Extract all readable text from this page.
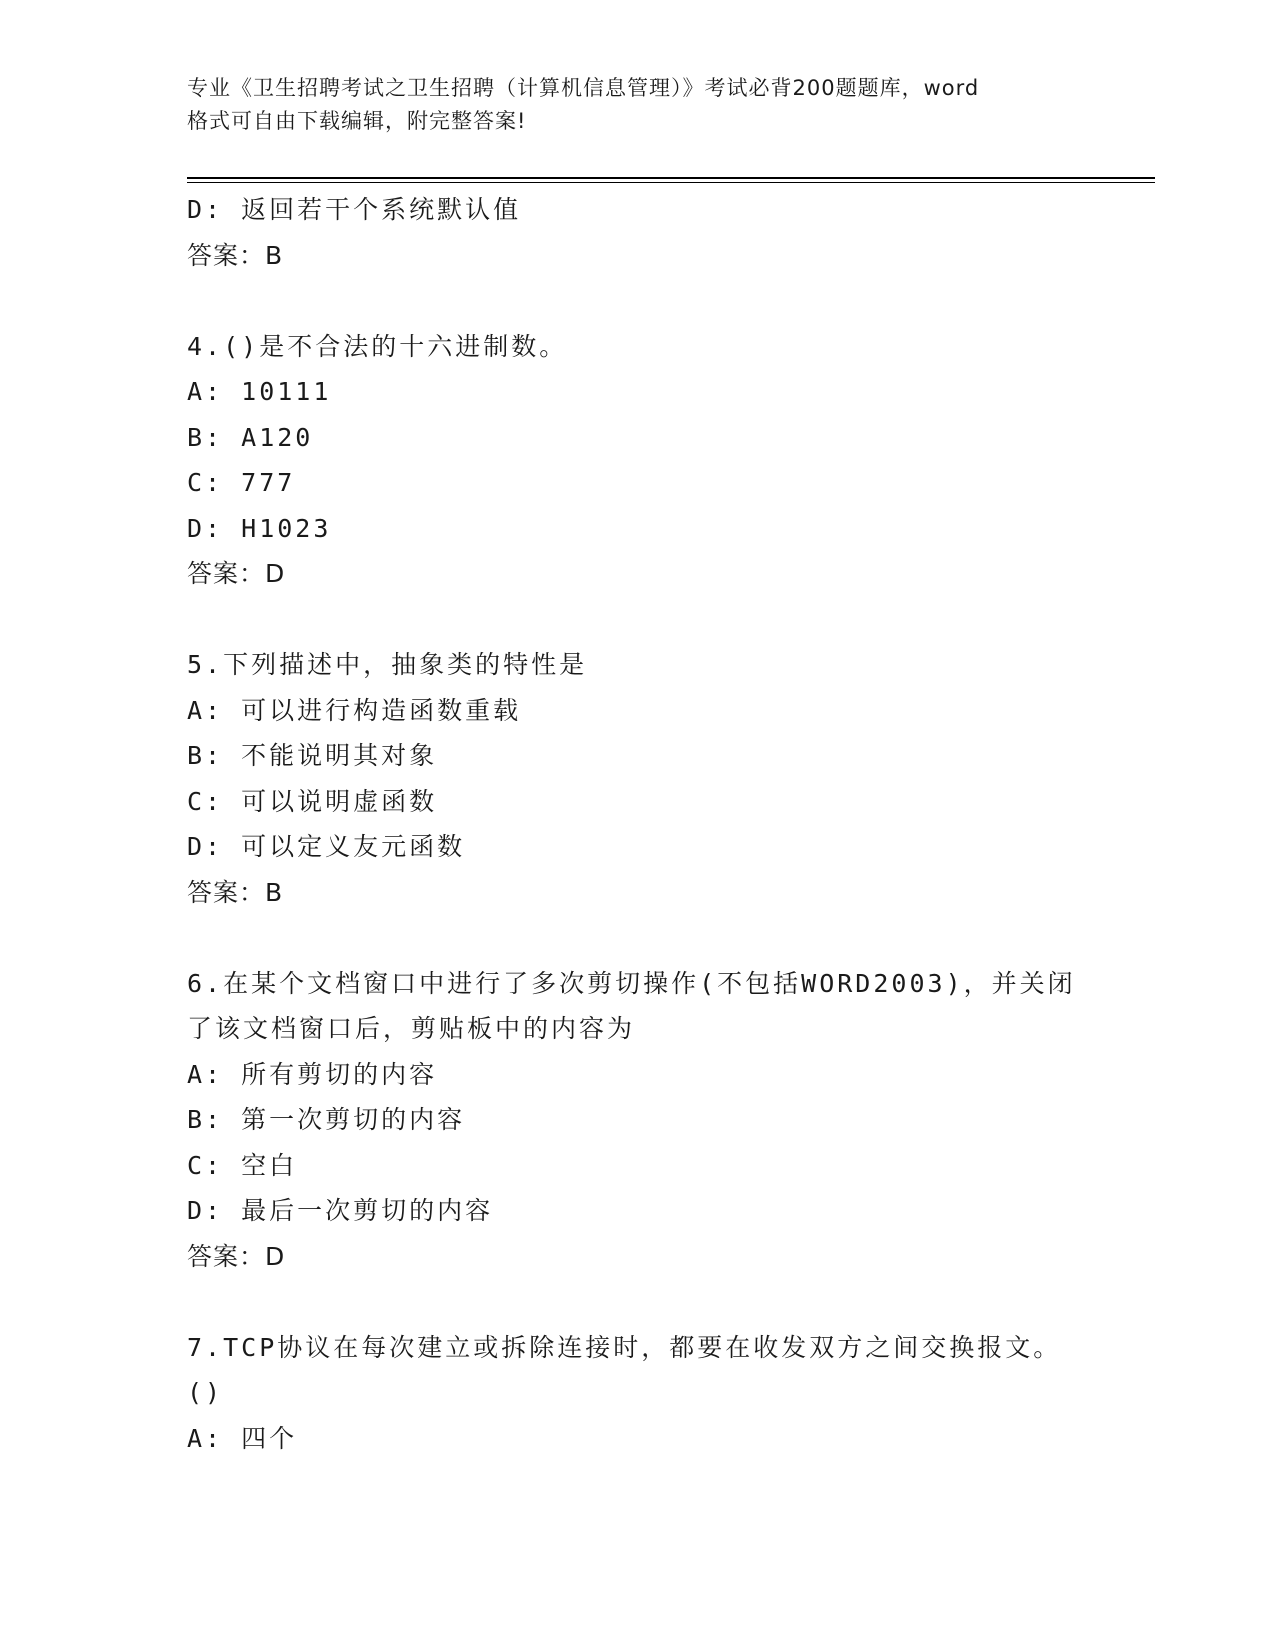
专业《卫生招聘考试之卫生招聘（计算机信息管理）》考试必背200题题库，word
格式可自由下载编辑，附完整答案!
D: 返回若干个系统默认值
答案：B
4.()是不合法的十六进制数。
A: 10111
B: A120
C: 777
D: H1023
答案：D
5.下列描述中，抽象类的特性是
A: 可以进行构造函数重载
B: 不能说明其对象
C: 可以说明虚函数
D: 可以定义友元函数
答案：B
6.在某个文档窗口中进行了多次剪切操作(不包括WORD2003)，并关闭
了该文档窗口后，剪贴板中的内容为
A: 所有剪切的内容
B: 第一次剪切的内容
C: 空白
D: 最后一次剪切的内容
答案：D
7.TCP协议在每次建立或拆除连接时，都要在收发双方之间交换报文。
()
A: 四个
